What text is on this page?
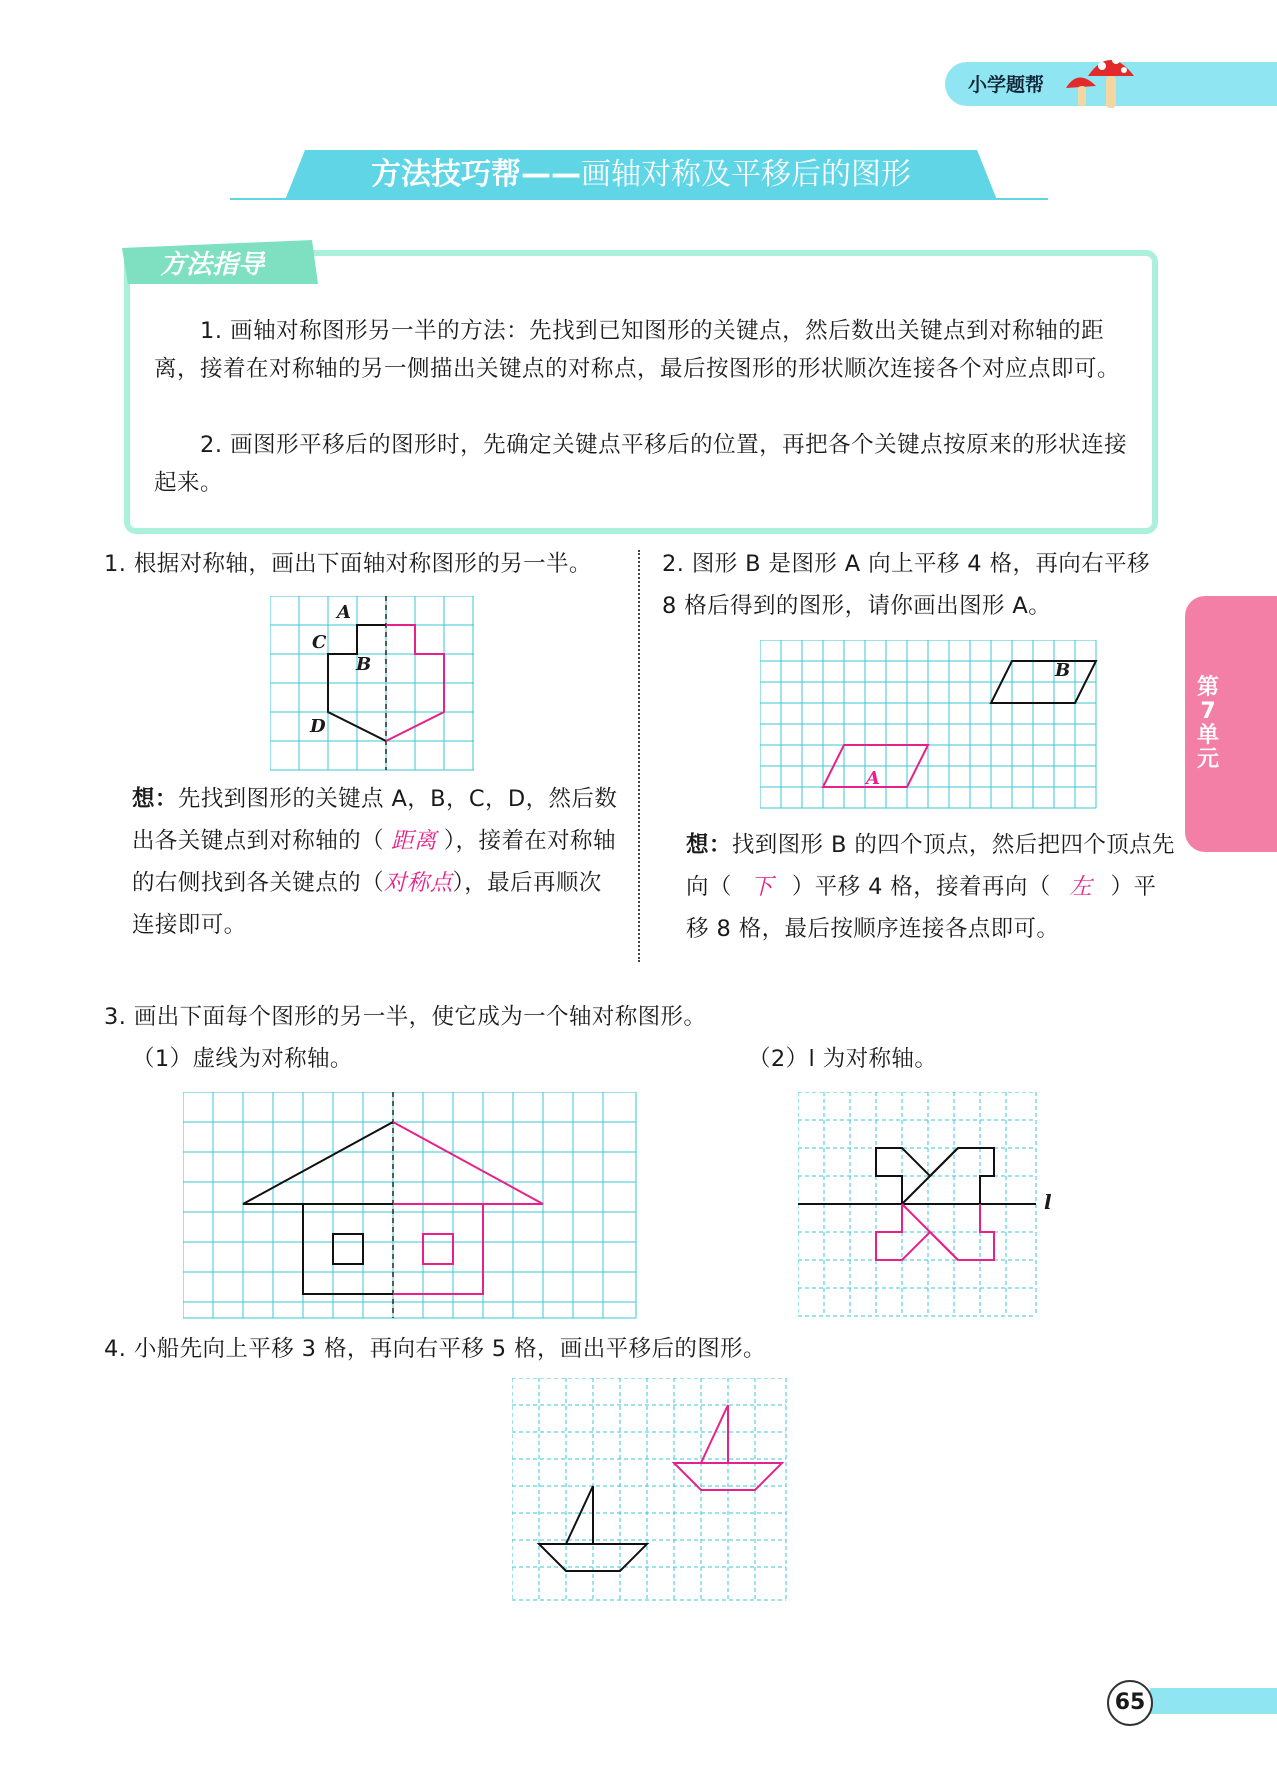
小学题帮
方法技巧帮——画轴对称及平移后的图形
方法指导
1. 画轴对称图形另一半的方法：先找到已知图形的关键点，然后数出关键点到对称轴的距离，接着在对称轴的另一侧描出关键点的对称点，最后按图形的形状顺次连接各个对应点即可。
2. 画图形平移后的图形时，先确定关键点平移后的位置，再把各个关键点按原来的形状连接起来。
1. 根据对称轴，画出下面轴对称图形的另一半。
A
B
C
D
想：先找到图形的关键点 A，B，C，D，然后数出各关键点到对称轴的（ 距离 ），接着在对称轴的右侧找到各关键点的（对称点），最后再顺次连接即可。
2. 图形 B 是图形 A 向上平移 4 格，再向右平移 8 格后得到的图形，请你画出图形 A。
B
A
想：找到图形 B 的四个顶点，然后把四个顶点先向（ 下 ）平移 4 格，接着再向（ 左 ）平移 8 格，最后按顺序连接各点即可。
第
7
单
元
3. 画出下面每个图形的另一半，使它成为一个轴对称图形。
（1）虚线为对称轴。	（2）l 为对称轴。
l
4. 小船先向上平移 3 格，再向右平移 5 格，画出平移后的图形。
65
